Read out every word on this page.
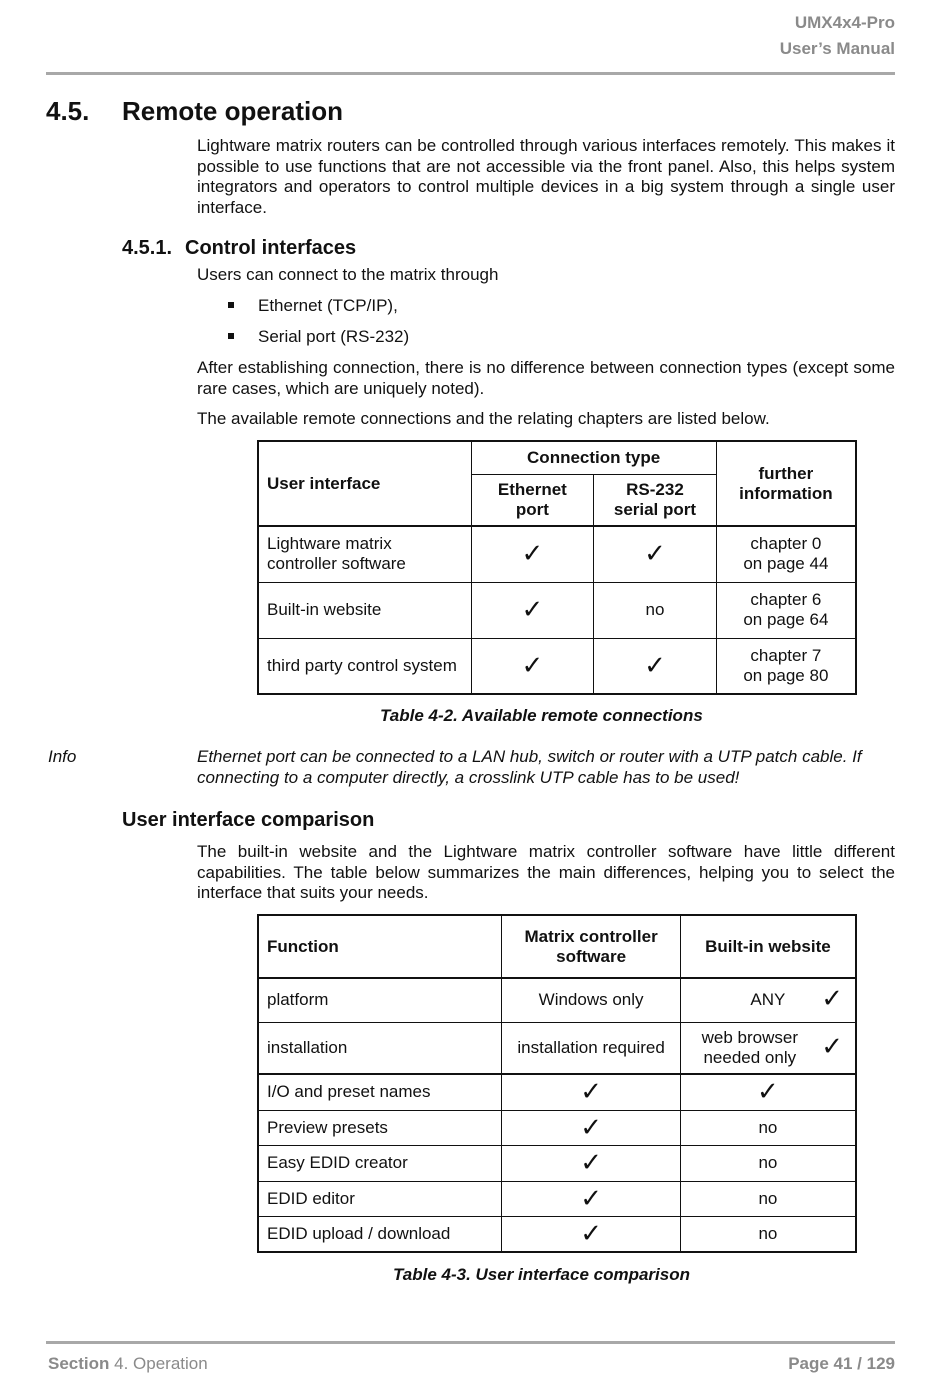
UMX4x4-Pro
User’s Manual
4.5. Remote operation
Lightware matrix routers can be controlled through various interfaces remotely. This makes it possible to use functions that are not accessible via the front panel. Also, this helps system integrators and operators to control multiple devices in a big system through a single user interface.
4.5.1. Control interfaces
Users can connect to the matrix through
Ethernet (TCP/IP),
Serial port (RS-232)
After establishing connection, there is no difference between connection types (except some rare cases, which are uniquely noted).
The available remote connections and the relating chapters are listed below.
User interface	Connection type		further information
	Ethernet port	RS-232 serial port	
Lightware matrix controller software	✓	✓	chapter 0
on page 44

Built-in website	✓	no	chapter 6
on page 64

third party control system	✓	✓	chapter 7
on page 80
Table 4-2. Available remote connections
Info	Ethernet port can be connected to a LAN hub, switch or router with a UTP patch cable. If connecting to a computer directly, a crosslink UTP cable has to be used!
User interface comparison
The built-in website and the Lightware matrix controller software have little different capabilities. The table below summarizes the main differences, helping you to select the interface that suits your needs.
Function	Matrix controller software	Built-in website
platform	Windows only	ANY ✓

installation	installation required	web browser needed only ✓

I/O and preset names	✓	✓
Preview presets	✓	no
Easy EDID creator	✓	no
EDID editor	✓	no
EDID upload / download	✓	no
Table 4-3. User interface comparison
Section 4. Operation	Page 41 / 129
